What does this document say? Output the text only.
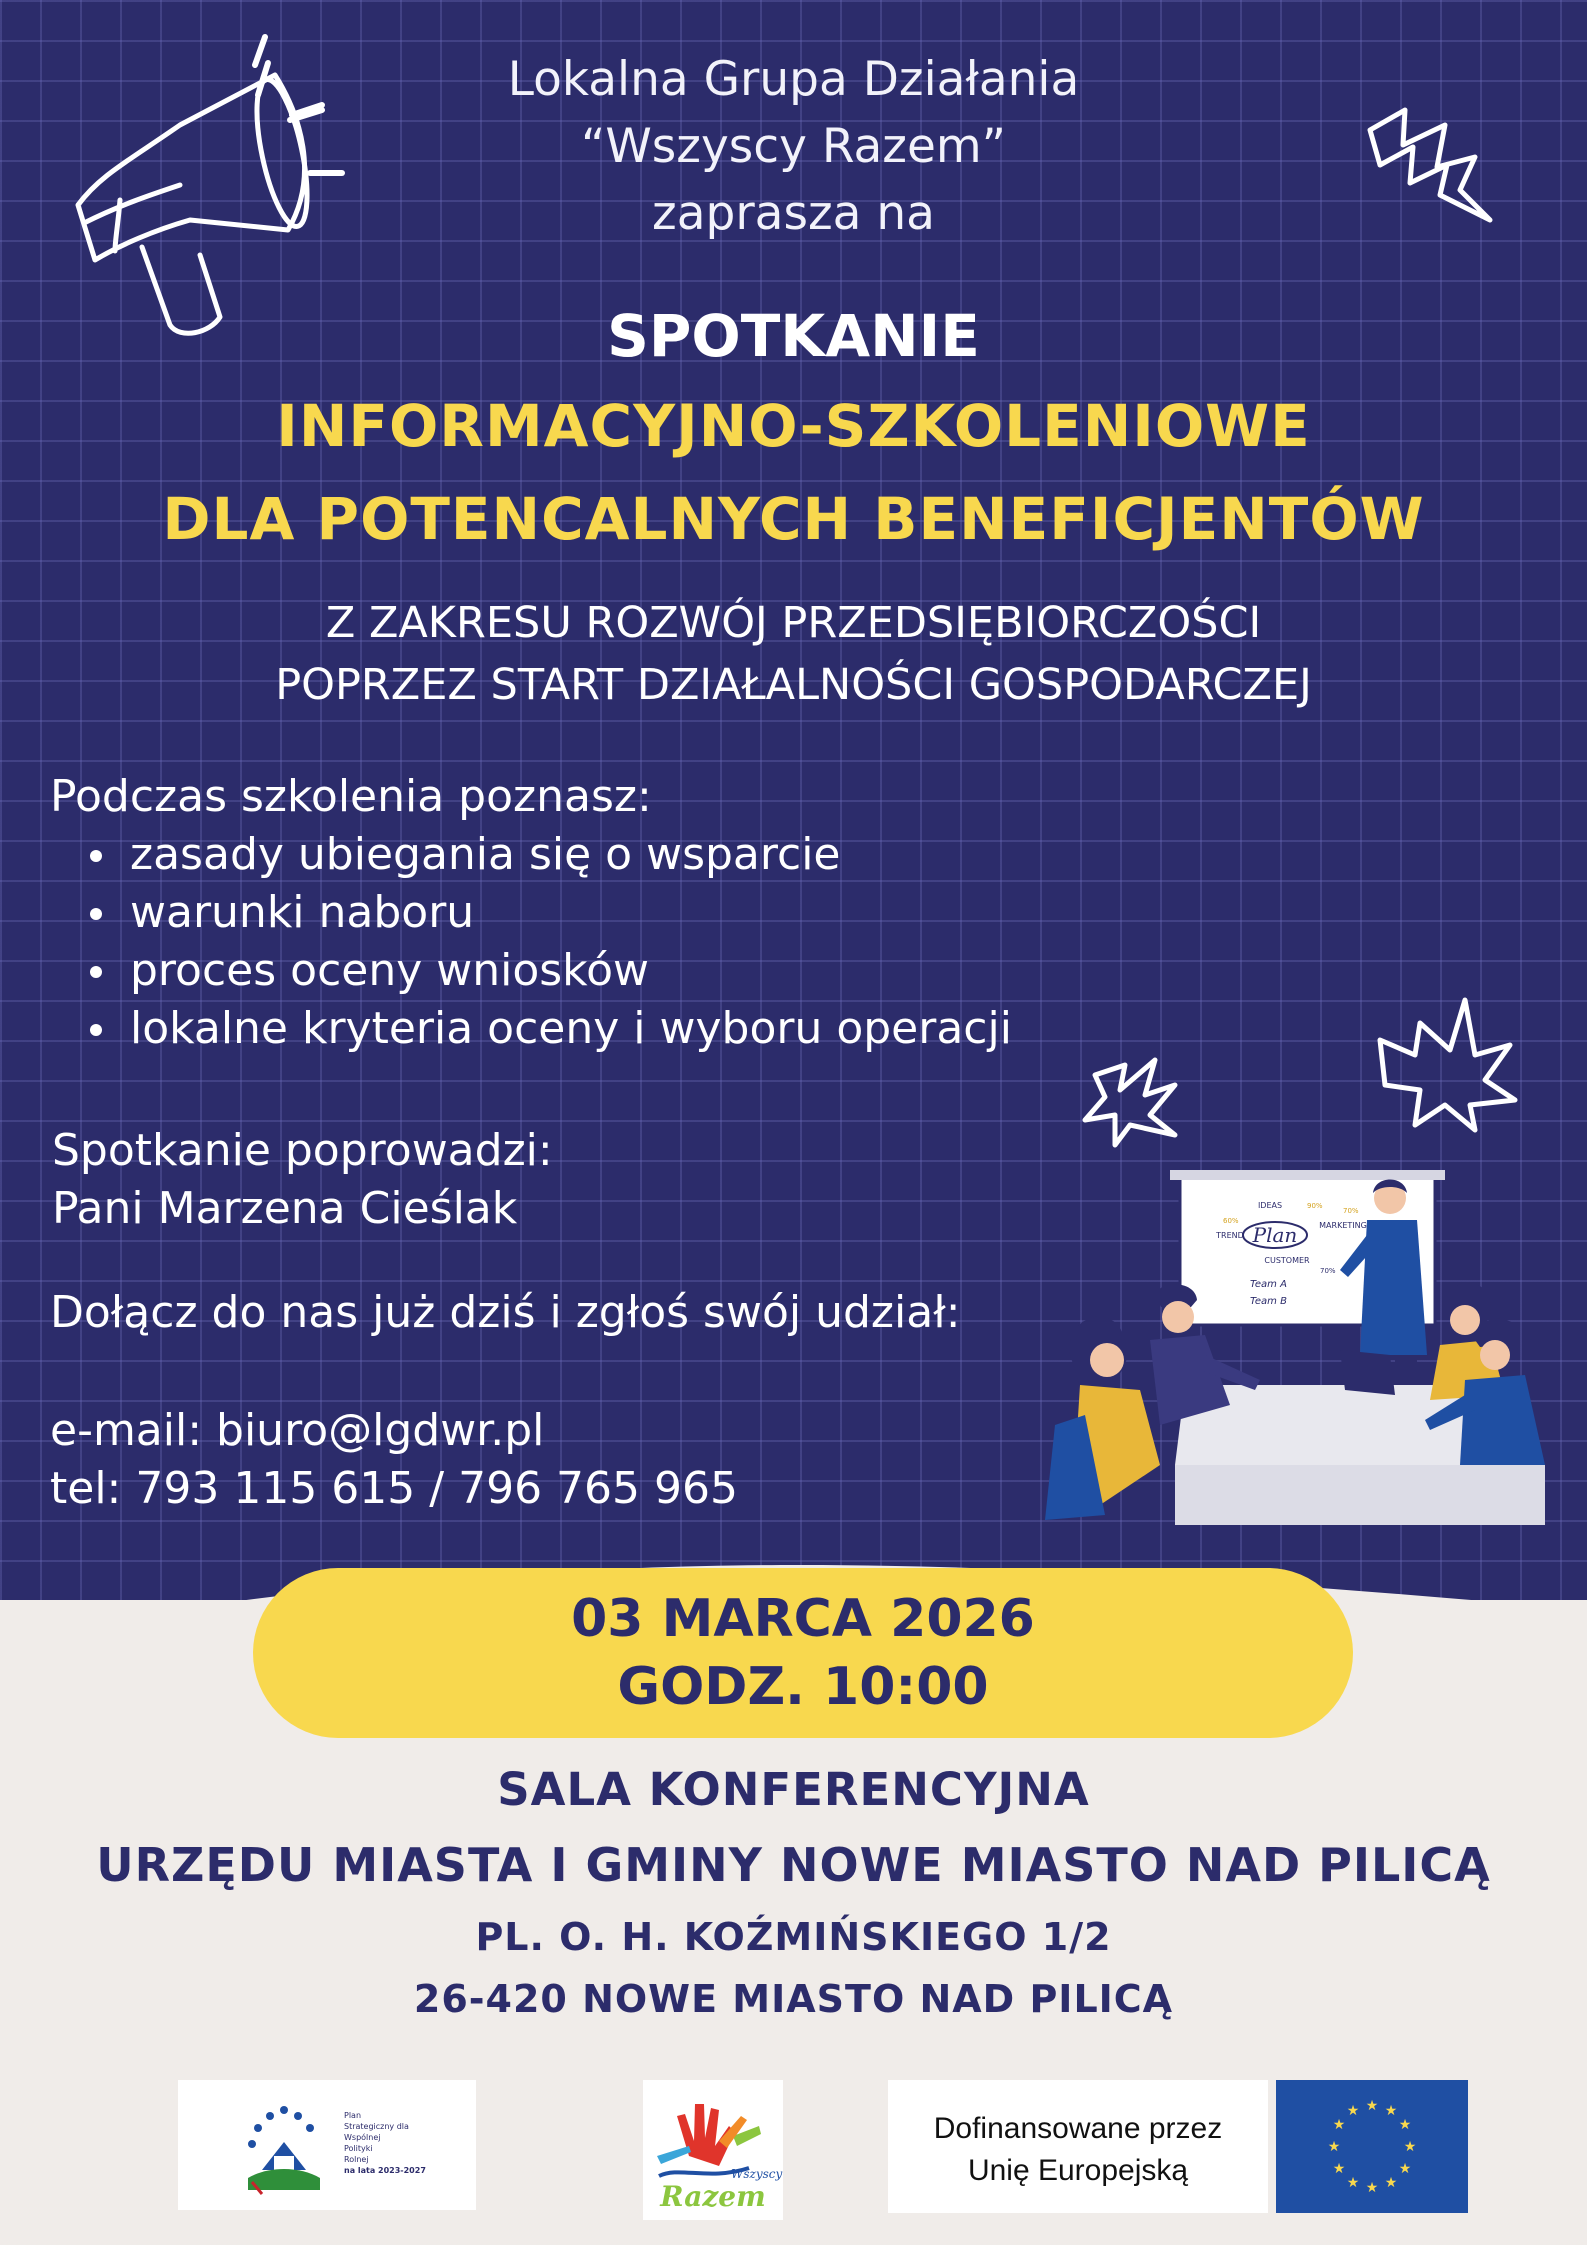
Lokalna Grupa Działania
“Wszyscy Razem”
zaprasza na
SPOTKANIE
INFORMACYJNO-SZKOLENIOWE
DLA POTENCALNYCH BENEFICJENTÓW
Z ZAKRESU ROZWÓJ PRZEDSIĘBIORCZOŚCI
POPRZEZ START DZIAŁALNOŚCI GOSPODARCZEJ
Podczas szkolenia poznasz:
zasady ubiegania się o wsparcie
warunki naboru
proces oceny wniosków
lokalne kryteria oceny i wyboru operacji
Spotkanie poprowadzi:
Pani Marzena Cieślak
Dołącz do nas już dziś i zgłoś swój udział:
e-mail: biuro@lgdwr.pl
tel: 793 115 615 / 796 765 965
Plan
IDEAS
TREND
MARKETING
CUSTOMER
90%
60%
70%
70%
Team A
Team B
03 MARCA 2026
GODZ. 10:00
SALA KONFERENCYJNA
URZĘDU MIASTA I GMINY NOWE MIASTO NAD PILICĄ
PL. O. H. KOŹMIŃSKIEGO 1/2
26-420 NOWE MIASTO NAD PILICĄ
Plan
Strategiczny dla
Wspólnej
Polityki
Rolnej
na lata 2023-2027	Wszyscy
Razem
Dofinansowane przez
Unię Europejską
★ ★
★
★
★
★
★
★
★
★
★
★
